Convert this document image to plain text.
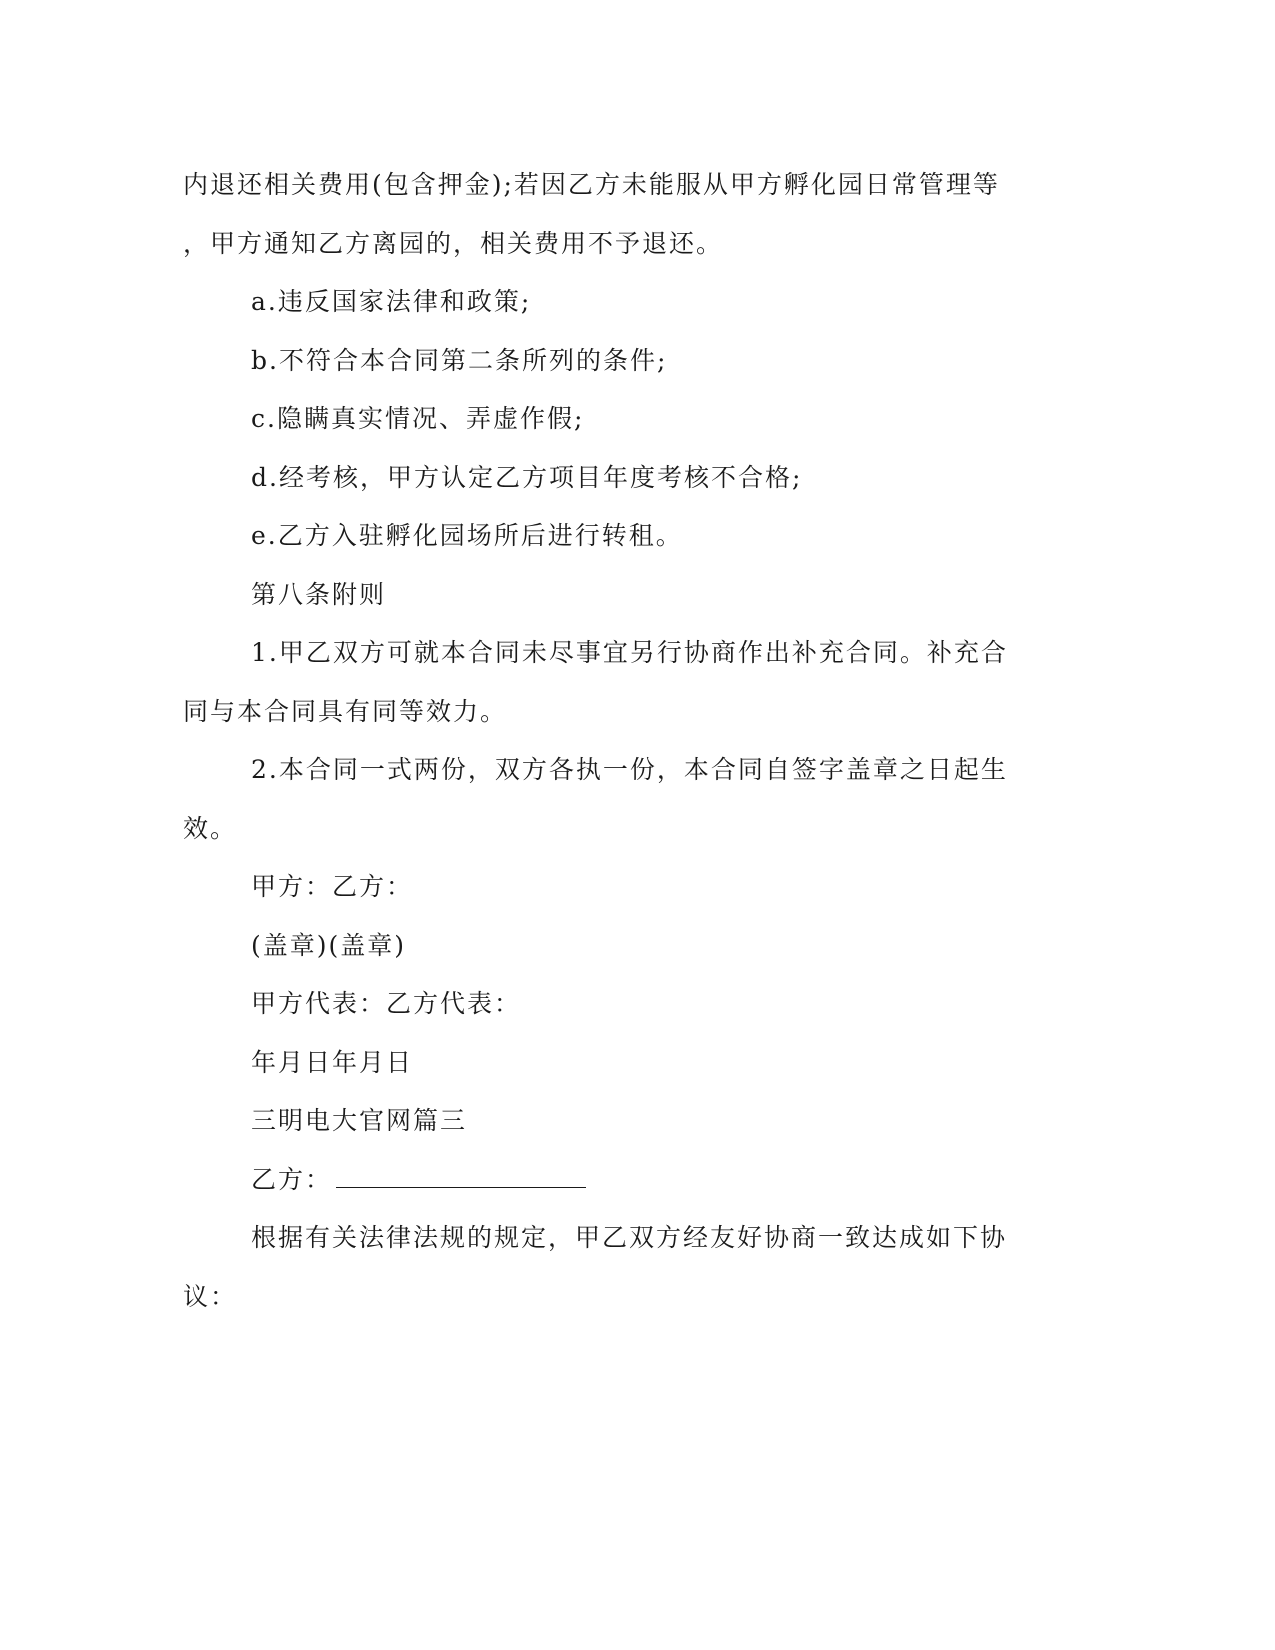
内退还相关费用(包含押金);若因乙方未能服从甲方孵化园日常管理等
，甲方通知乙方离园的，相关费用不予退还。
a.违反国家法律和政策;
b.不符合本合同第二条所列的条件;
c.隐瞒真实情况、弄虚作假;
d.经考核，甲方认定乙方项目年度考核不合格;
e.乙方入驻孵化园场所后进行转租。
第八条附则
1.甲乙双方可就本合同未尽事宜另行协商作出补充合同。补充合
同与本合同具有同等效力。
2.本合同一式两份，双方各执一份，本合同自签字盖章之日起生
效。
甲方：乙方：
(盖章)(盖章)
甲方代表：乙方代表：
年月日年月日
三明电大官网篇三
乙方：
根据有关法律法规的规定，甲乙双方经友好协商一致达成如下协
议：
